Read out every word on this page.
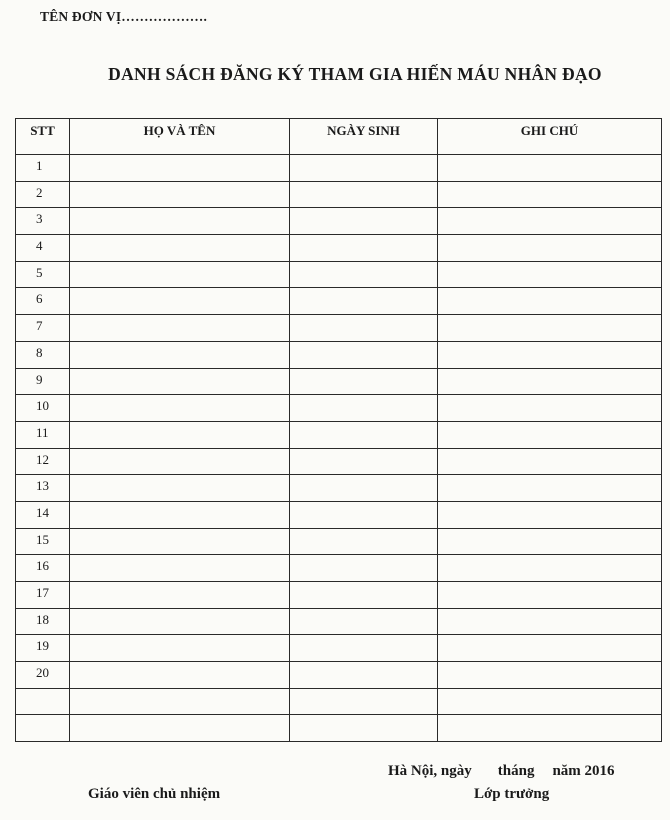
TÊN ĐƠN VỊ……………….
DANH SÁCH ĐĂNG KÝ THAM GIA HIẾN MÁU NHÂN ĐẠO
STT	HỌ VÀ TÊN	NGÀY SINH	GHI CHÚ
1			
2			
3			
4			
5			
6			
7			
8			
9			
10			
11			
12			
13			
14			
15			
16			
17			
18			
19			
20			

Hà Nội, ngày tháng năm 2016
Giáo viên chủ nhiệm	Lớp trưởng
